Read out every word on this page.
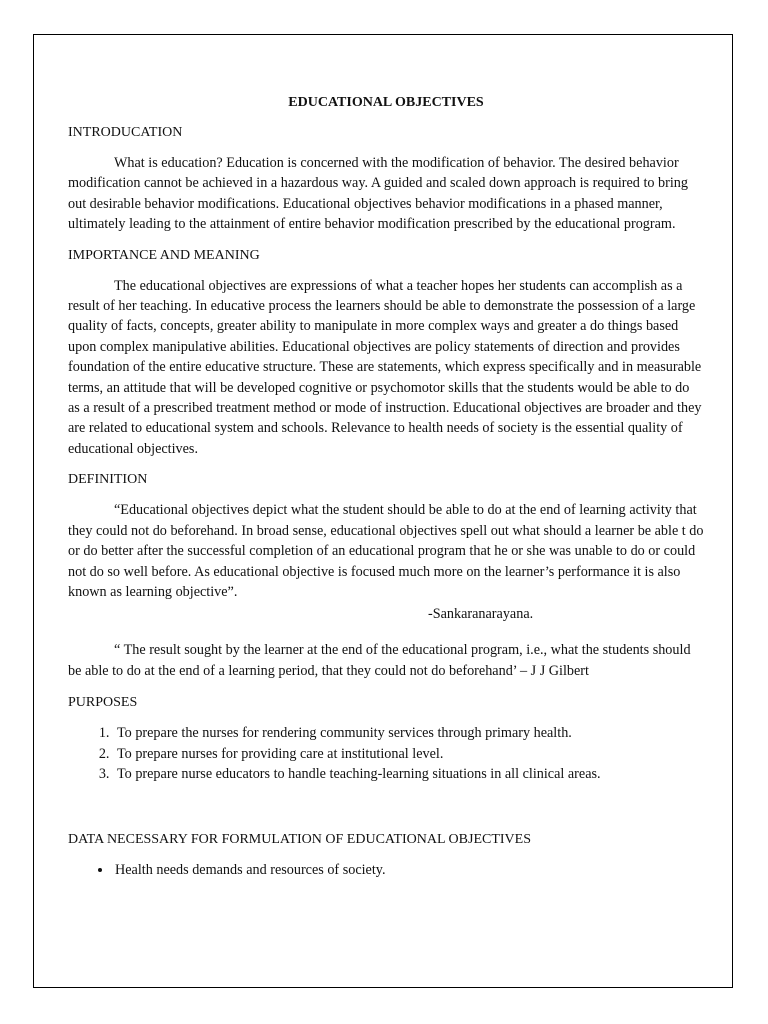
EDUCATIONAL OBJECTIVES
INTRODUCATION

What is education? Education is concerned with the modification of behavior. The desired behavior modification cannot be achieved in a hazardous way. A guided and scaled down approach is required to bring out desirable behavior modifications. Educational objectives behavior modifications in a phased manner, ultimately leading to the attainment of entire behavior modification prescribed by the educational program.

IMPORTANCE AND MEANING

The educational objectives are expressions of what a teacher hopes her students can accomplish as a result of her teaching. In educative process the learners should be able to demonstrate the possession of a large quality of facts, concepts, greater ability to manipulate in more complex ways and greater a do things based upon complex manipulative abilities. Educational objectives are policy statements of direction and provides foundation of the entire educative structure. These are statements, which express specifically and in measurable terms, an attitude that will be developed cognitive or psychomotor skills that the students would be able to do as a result of a prescribed treatment method or mode of instruction. Educational objectives are broader and they are related to educational system and schools. Relevance to health needs of society is the essential quality of educational objectives.

DEFINITION

“Educational objectives depict what the student should be able to do at the end of learning activity that they could not do beforehand. In broad sense, educational objectives spell out what should a learner be able t do or do better after the successful completion of an educational program that he or she was unable to do or could not do so well before. As educational objective is focused much more on the learner’s performance it is also known as learning objective”.

-Sankaranarayana.

“ The result sought by the learner at the end of the educational program, i.e., what the students should be able to do at the end of a learning period, that they could not do beforehand’ – J J Gilbert

PURPOSES
1. To prepare the nurses for rendering community services through primary health.
2. To prepare nurses for providing care at institutional level.
3. To prepare nurse educators to handle teaching-learning situations in all clinical areas.
DATA NECESSARY FOR FORMULATION OF EDUCATIONAL OBJECTIVES
• Health needs demands and resources of society.
